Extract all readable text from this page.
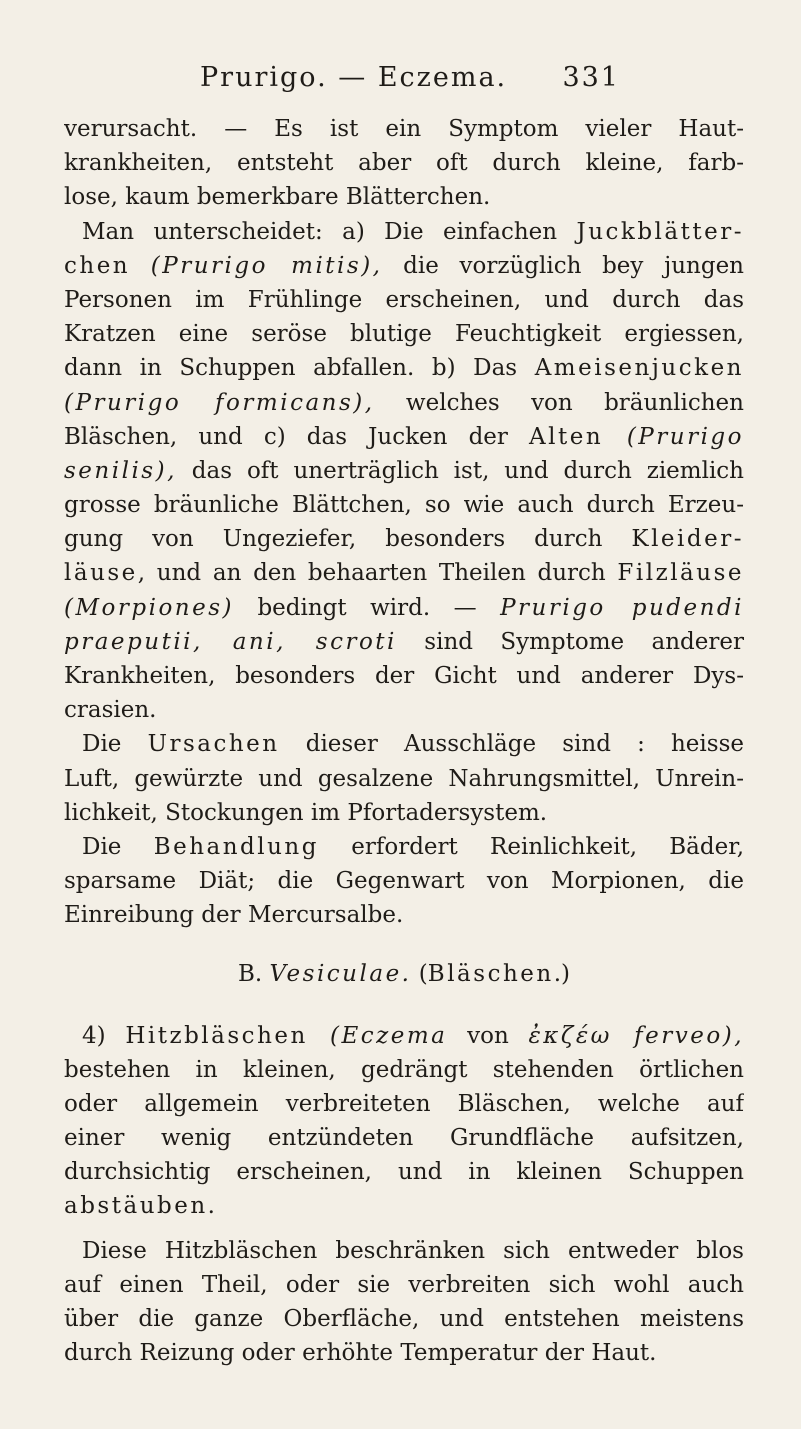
Prurigo. — Eczema. 331
verursacht. — Es ist ein Symptom vieler Haut-
krankheiten, entsteht aber oft durch kleine, farb-
lose, kaum bemerkbare Blätterchen.
Man unterscheidet: a) Die einfachen Juckblätter-
chen (Prurigo mitis), die vorzüglich bey jungen
Personen im Frühlinge erscheinen, und durch das
Kratzen eine seröse blutige Feuchtigkeit ergiessen,
dann in Schuppen abfallen. b) Das Ameisenjucken
(Prurigo formicans), welches von bräunlichen
Bläschen, und c) das Jucken der Alten (Prurigo
senilis), das oft unerträglich ist, und durch ziemlich
grosse bräunliche Blättchen, so wie auch durch Erzeu-
gung von Ungeziefer, besonders durch Kleider-
läuse, und an den behaarten Theilen durch Filzläuse
(Morpiones) bedingt wird. — Prurigo pudendi
praeputii, ani, scroti sind Symptome anderer
Krankheiten, besonders der Gicht und anderer Dys-
crasien.
Die Ursachen dieser Ausschläge sind : heisse
Luft, gewürzte und gesalzene Nahrungsmittel, Unrein-
lichkeit, Stockungen im Pfortadersystem.
Die Behandlung erfordert Reinlichkeit, Bäder,
sparsame Diät; die Gegenwart von Morpionen, die
Einreibung der Mercursalbe.
B. Vesiculae. (Bläschen.)
4) Hitzbläschen (Eczema von ἐκζέω ferveo),
bestehen in kleinen, gedrängt stehenden örtlichen
oder allgemein verbreiteten Bläschen, welche auf
einer wenig entzündeten Grundfläche aufsitzen,
durchsichtig erscheinen, und in kleinen Schuppen
abstäuben.
Diese Hitzbläschen beschränken sich entweder blos
auf einen Theil, oder sie verbreiten sich wohl auch
über die ganze Oberfläche, und entstehen meistens
durch Reizung oder erhöhte Temperatur der Haut.
